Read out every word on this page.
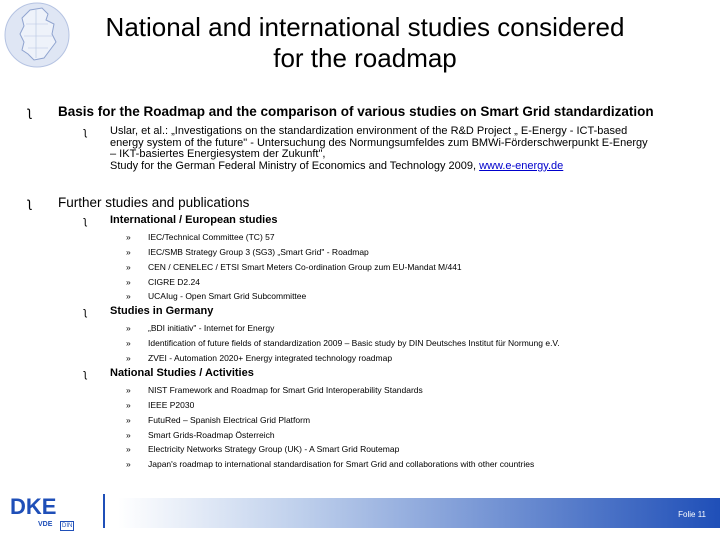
National and international studies considered
for the roadmap
ʅ Basis for the Roadmap and the comparison of various studies on Smart Grid standardization
ʅ Uslar, et al.: „Investigations on the standardization environment of the R&D Project „ E-Energy - ICT-based
energy system of the future" - Untersuchung des Normungsumfeldes zum BMWi-Förderschwerpunkt E-Energy
– IKT-basiertes Energiesystem der Zukunft",
Study for the German Federal Ministry of Economics and Technology 2009, www.e-energy.de
ʅ Further studies and publications
ʅ International / European studies
» IEC/Technical Committee (TC) 57
» IEC/SMB Strategy Group 3 (SG3) „Smart Grid" - Roadmap
» CEN / CENELEC / ETSI Smart Meters Co-ordination Group zum EU-Mandat M/441
» CIGRE D2.24
» UCAIug - Open Smart Grid Subcommittee
ʅ Studies in Germany
» „BDI initiativ" - Internet for Energy
» Identification of future fields of standardization 2009 – Basic study by DIN Deutsches Institut für Normung e.V.
» ZVEI - Automation 2020+ Energy integrated technology roadmap
ʅ National Studies / Activities
» NIST Framework and Roadmap for Smart Grid Interoperability Standards
» IEEE P2030
» FutuRed – Spanish Electrical Grid Platform
» Smart Grids-Roadmap Österreich
» Electricity Networks Strategy Group (UK) - A Smart Grid Routemap
» Japan's roadmap to international standardisation for Smart Grid and collaborations with other countries
DKE
VDE	DIN
Folie 11
